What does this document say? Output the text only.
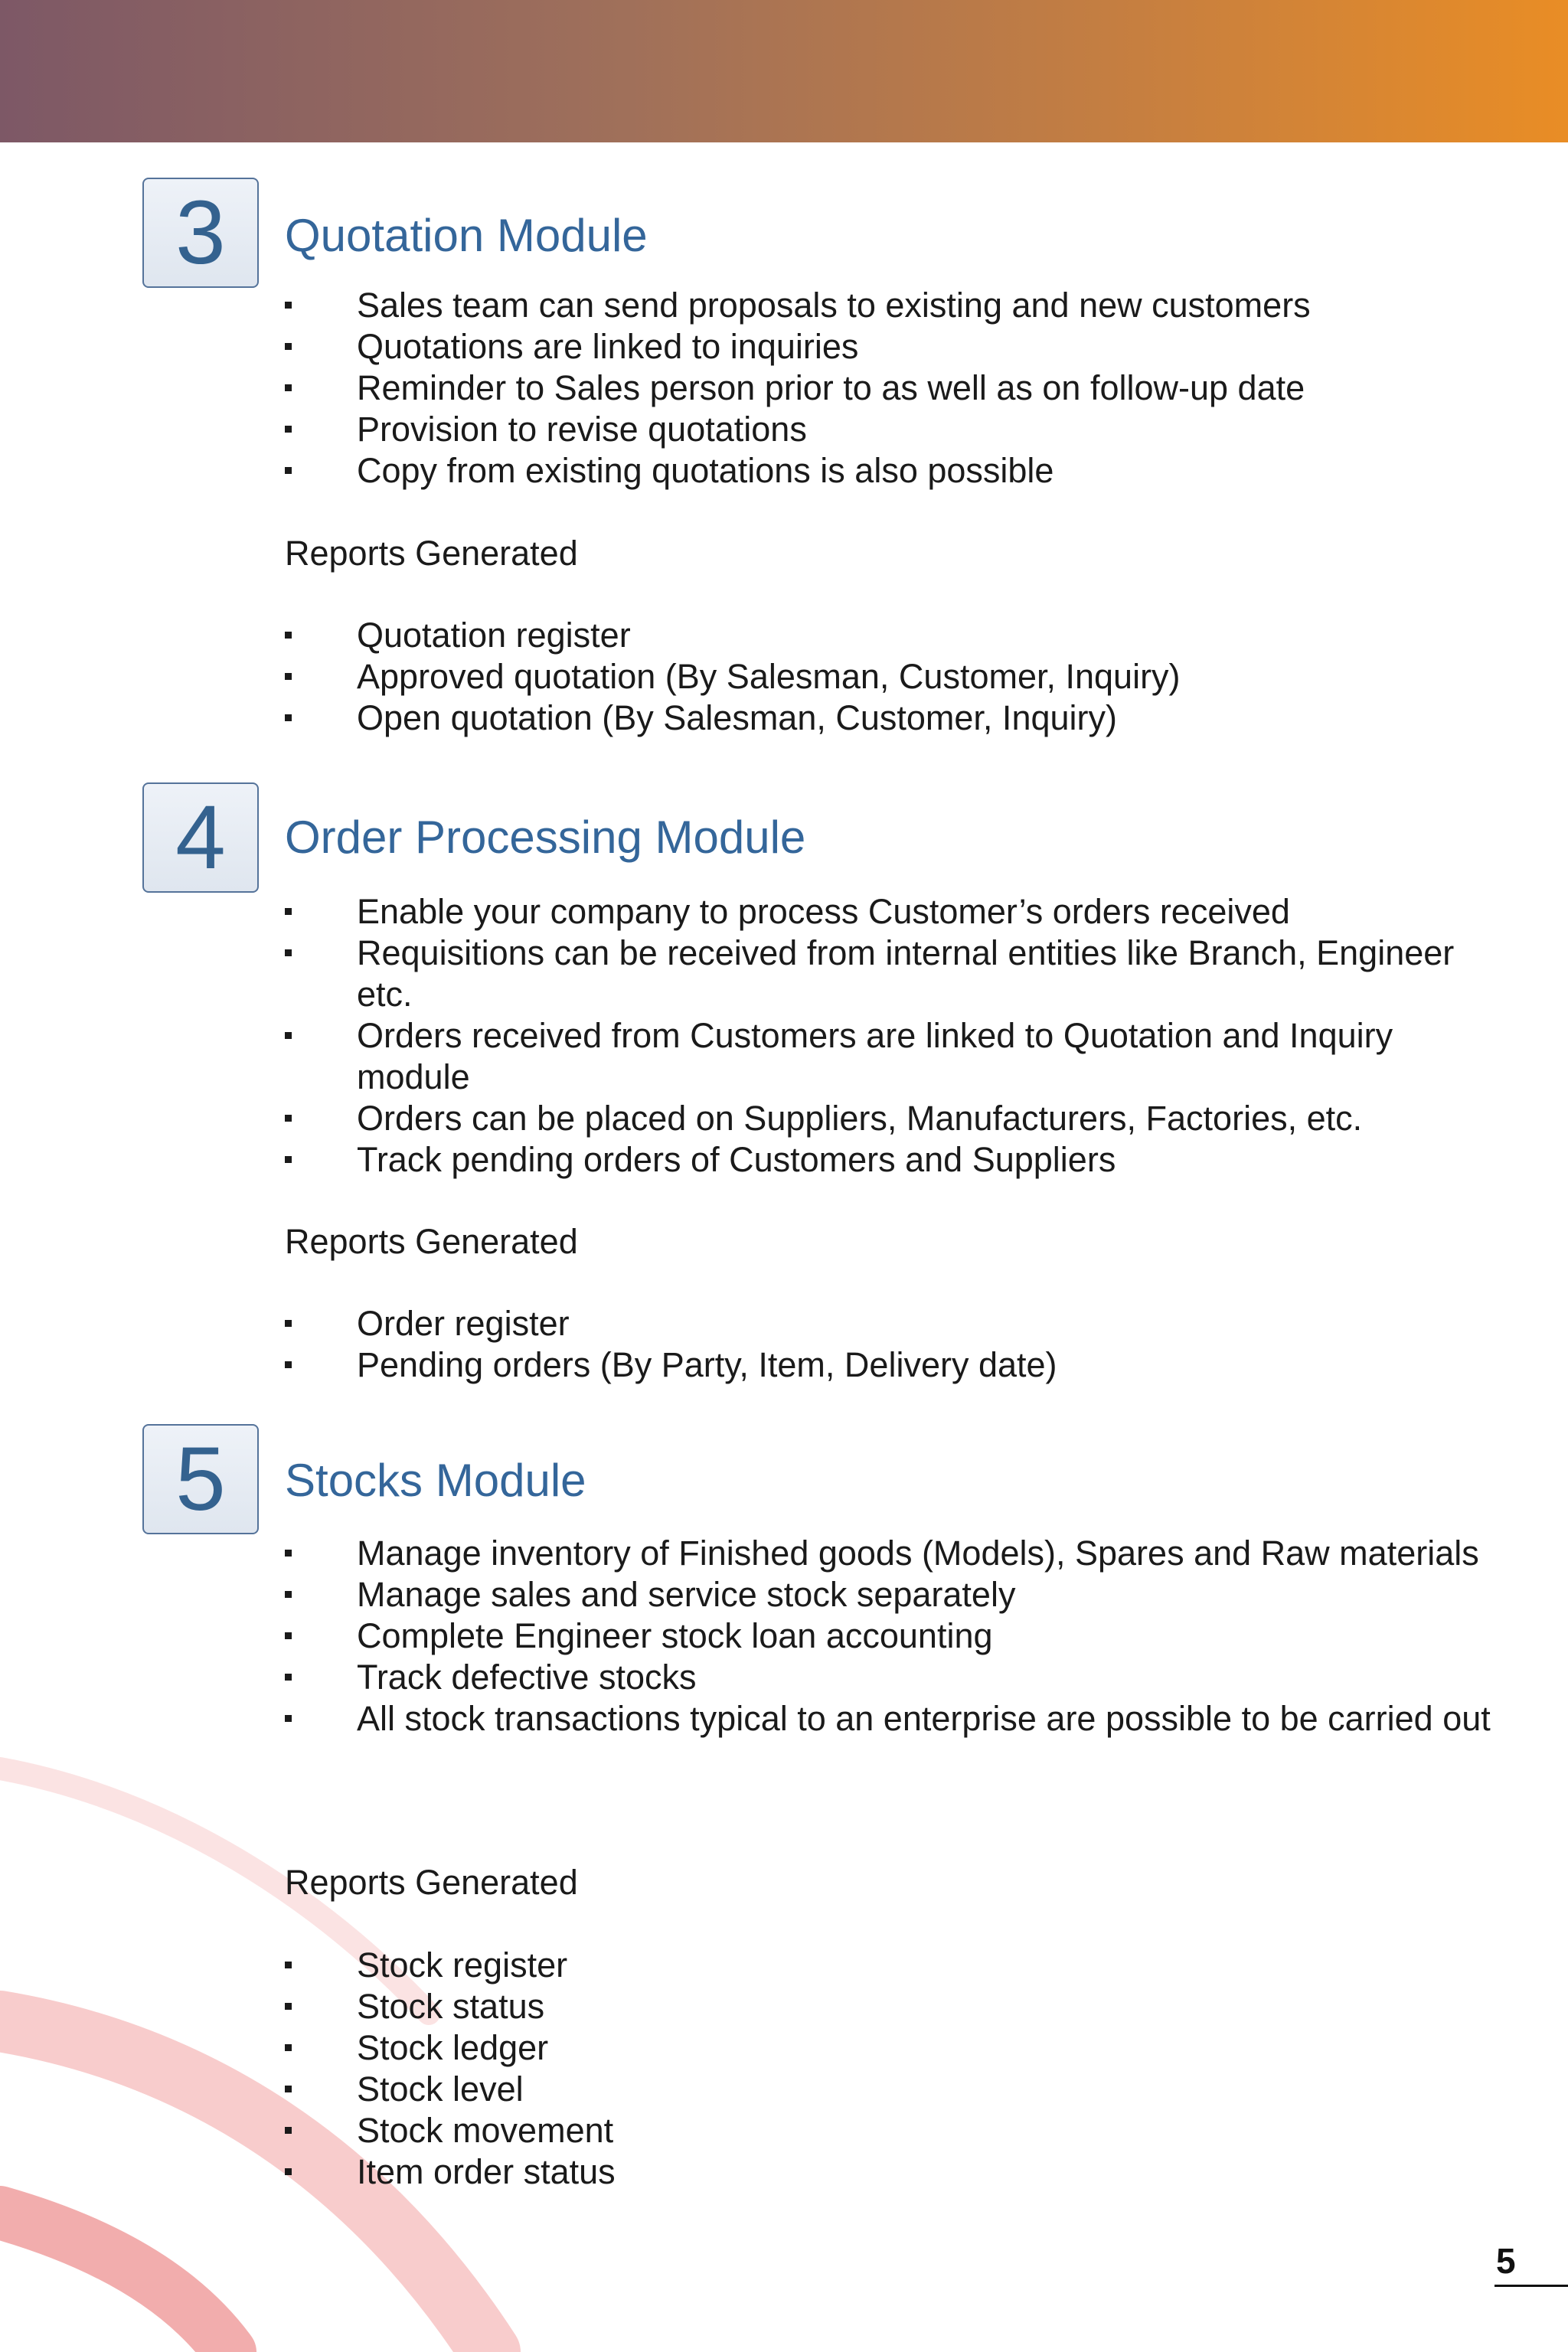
3	Quotation Module
Sales team can send proposals to existing and new customers
Quotations are linked to inquiries
Reminder to Sales person prior to as well as on follow-up date
Provision to revise quotations
Copy from existing quotations is also possible
Reports Generated
Quotation register
Approved quotation (By Salesman, Customer, Inquiry)
Open quotation (By Salesman, Customer, Inquiry)
4	Order Processing Module
Enable your company to process Customer’s orders received
Requisitions can be received from internal entities like Branch, Engineer etc.
Orders received from Customers are linked to Quotation and Inquiry module
Orders can be placed on Suppliers, Manufacturers, Factories, etc.
Track pending orders of Customers and Suppliers
Reports Generated
Order register
Pending orders (By Party, Item, Delivery date)
5	Stocks Module
Manage inventory of Finished goods (Models), Spares and Raw materials
Manage sales and service stock separately
Complete Engineer stock loan accounting
Track defective stocks
All stock transactions typical to an enterprise are possible to be carried out
Reports Generated
Stock register
Stock status
Stock ledger
Stock level
Stock movement
Item order status
5
